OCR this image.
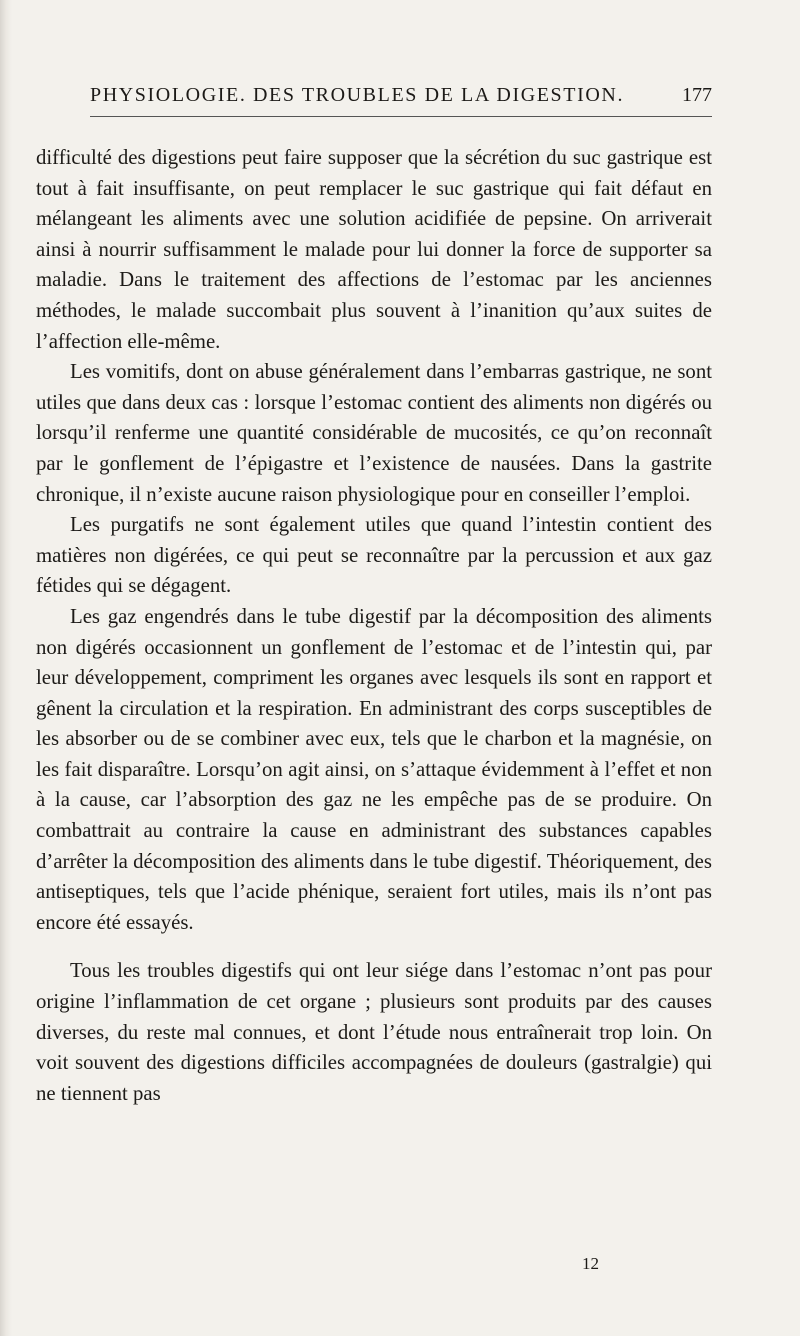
PHYSIOLOGIE. DES TROUBLES DE LA DIGESTION.	177

difficulté des digestions peut faire supposer que la sécrétion du suc gastrique est tout à fait insuffisante, on peut remplacer le suc gastrique qui fait défaut en mélangeant les aliments avec une solution acidifiée de pepsine. On arriverait ainsi à nourrir suffisamment le malade pour lui donner la force de supporter sa maladie. Dans le traitement des affections de l’estomac par les anciennes méthodes, le malade succombait plus souvent à l’inanition qu’aux suites de l’affection elle-même.

Les vomitifs, dont on abuse généralement dans l’embarras gastrique, ne sont utiles que dans deux cas : lorsque l’estomac contient des aliments non digérés ou lorsqu’il renferme une quantité considérable de mucosités, ce qu’on reconnaît par le gonflement de l’épigastre et l’existence de nausées. Dans la gastrite chronique, il n’existe aucune raison physiologique pour en conseiller l’emploi.

Les purgatifs ne sont également utiles que quand l’intestin contient des matières non digérées, ce qui peut se reconnaître par la percussion et aux gaz fétides qui se dégagent.

Les gaz engendrés dans le tube digestif par la décomposition des aliments non digérés occasionnent un gonflement de l’estomac et de l’intestin qui, par leur développement, compriment les organes avec lesquels ils sont en rapport et gênent la circulation et la respiration. En administrant des corps susceptibles de les absorber ou de se combiner avec eux, tels que le charbon et la magnésie, on les fait disparaître. Lorsqu’on agit ainsi, on s’attaque évidemment à l’effet et non à la cause, car l’absorption des gaz ne les empêche pas de se produire. On combattrait au contraire la cause en administrant des substances capables d’arrêter la décomposition des aliments dans le tube digestif. Théoriquement, des antiseptiques, tels que l’acide phénique, seraient fort utiles, mais ils n’ont pas encore été essayés.

Tous les troubles digestifs qui ont leur siége dans l’estomac n’ont pas pour origine l’inflammation de cet organe ; plusieurs sont produits par des causes diverses, du reste mal connues, et dont l’étude nous entraînerait trop loin. On voit souvent des digestions difficiles accompagnées de douleurs (gastralgie) qui ne tiennent pas

12
